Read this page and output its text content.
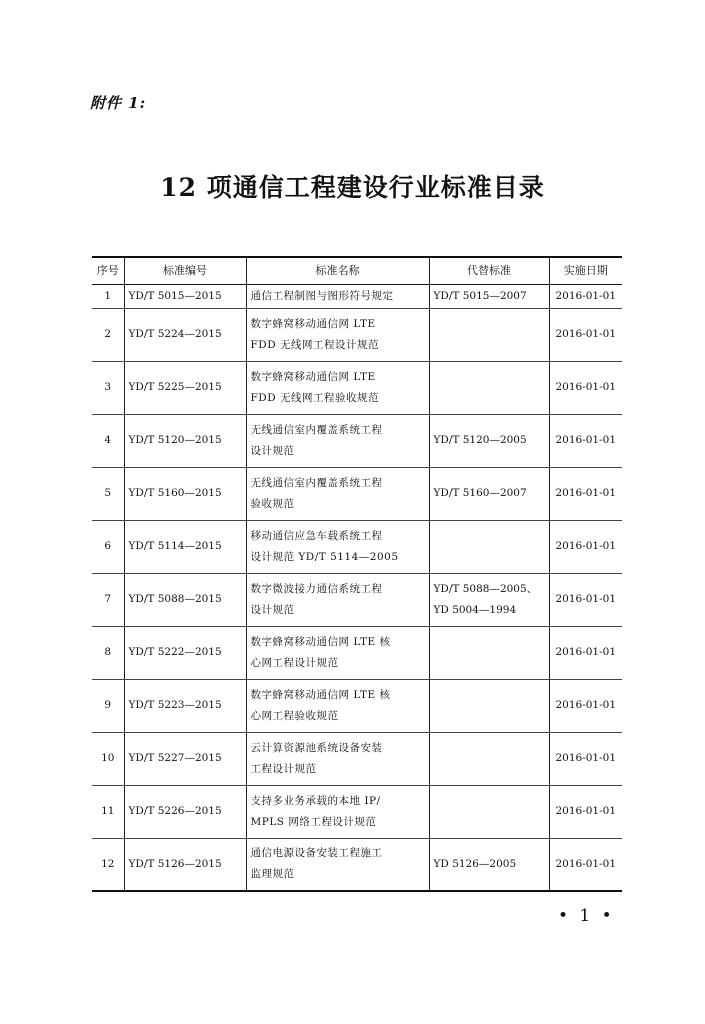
附件 1:
12 项通信工程建设行业标准目录
序号	标准编号	标准名称	代替标准	实施日期
1	YD/T 5015—2015	通信工程制图与图形符号规定	YD/T 5015—2007	2016-01-01
2	YD/T 5224—2015	数字蜂窝移动通信网 LTE
FDD 无线网工程设计规范		2016-01-01
3	YD/T 5225—2015	数字蜂窝移动通信网 LTE
FDD 无线网工程验收规范		2016-01-01
4	YD/T 5120—2015	无线通信室内覆盖系统工程
设计规范	YD/T 5120—2005	2016-01-01
5	YD/T 5160—2015	无线通信室内覆盖系统工程
验收规范	YD/T 5160—2007	2016-01-01
6	YD/T 5114—2015	移动通信应急车载系统工程
设计规范 YD/T 5114—2005		2016-01-01
7	YD/T 5088—2015	数字微波接力通信系统工程
设计规范	YD/T 5088—2005、
YD 5004—1994	2016-01-01
8	YD/T 5222—2015	数字蜂窝移动通信网 LTE 核
心网工程设计规范		2016-01-01
9	YD/T 5223—2015	数字蜂窝移动通信网 LTE 核
心网工程验收规范		2016-01-01
10	YD/T 5227—2015	云计算资源池系统设备安装
工程设计规范		2016-01-01
11	YD/T 5226—2015	支持多业务承载的本地 IP/
MPLS 网络工程设计规范		2016-01-01
12	YD/T 5126—2015	通信电源设备安装工程施工
监理规范	YD 5126—2005	2016-01-01
• 1 •
